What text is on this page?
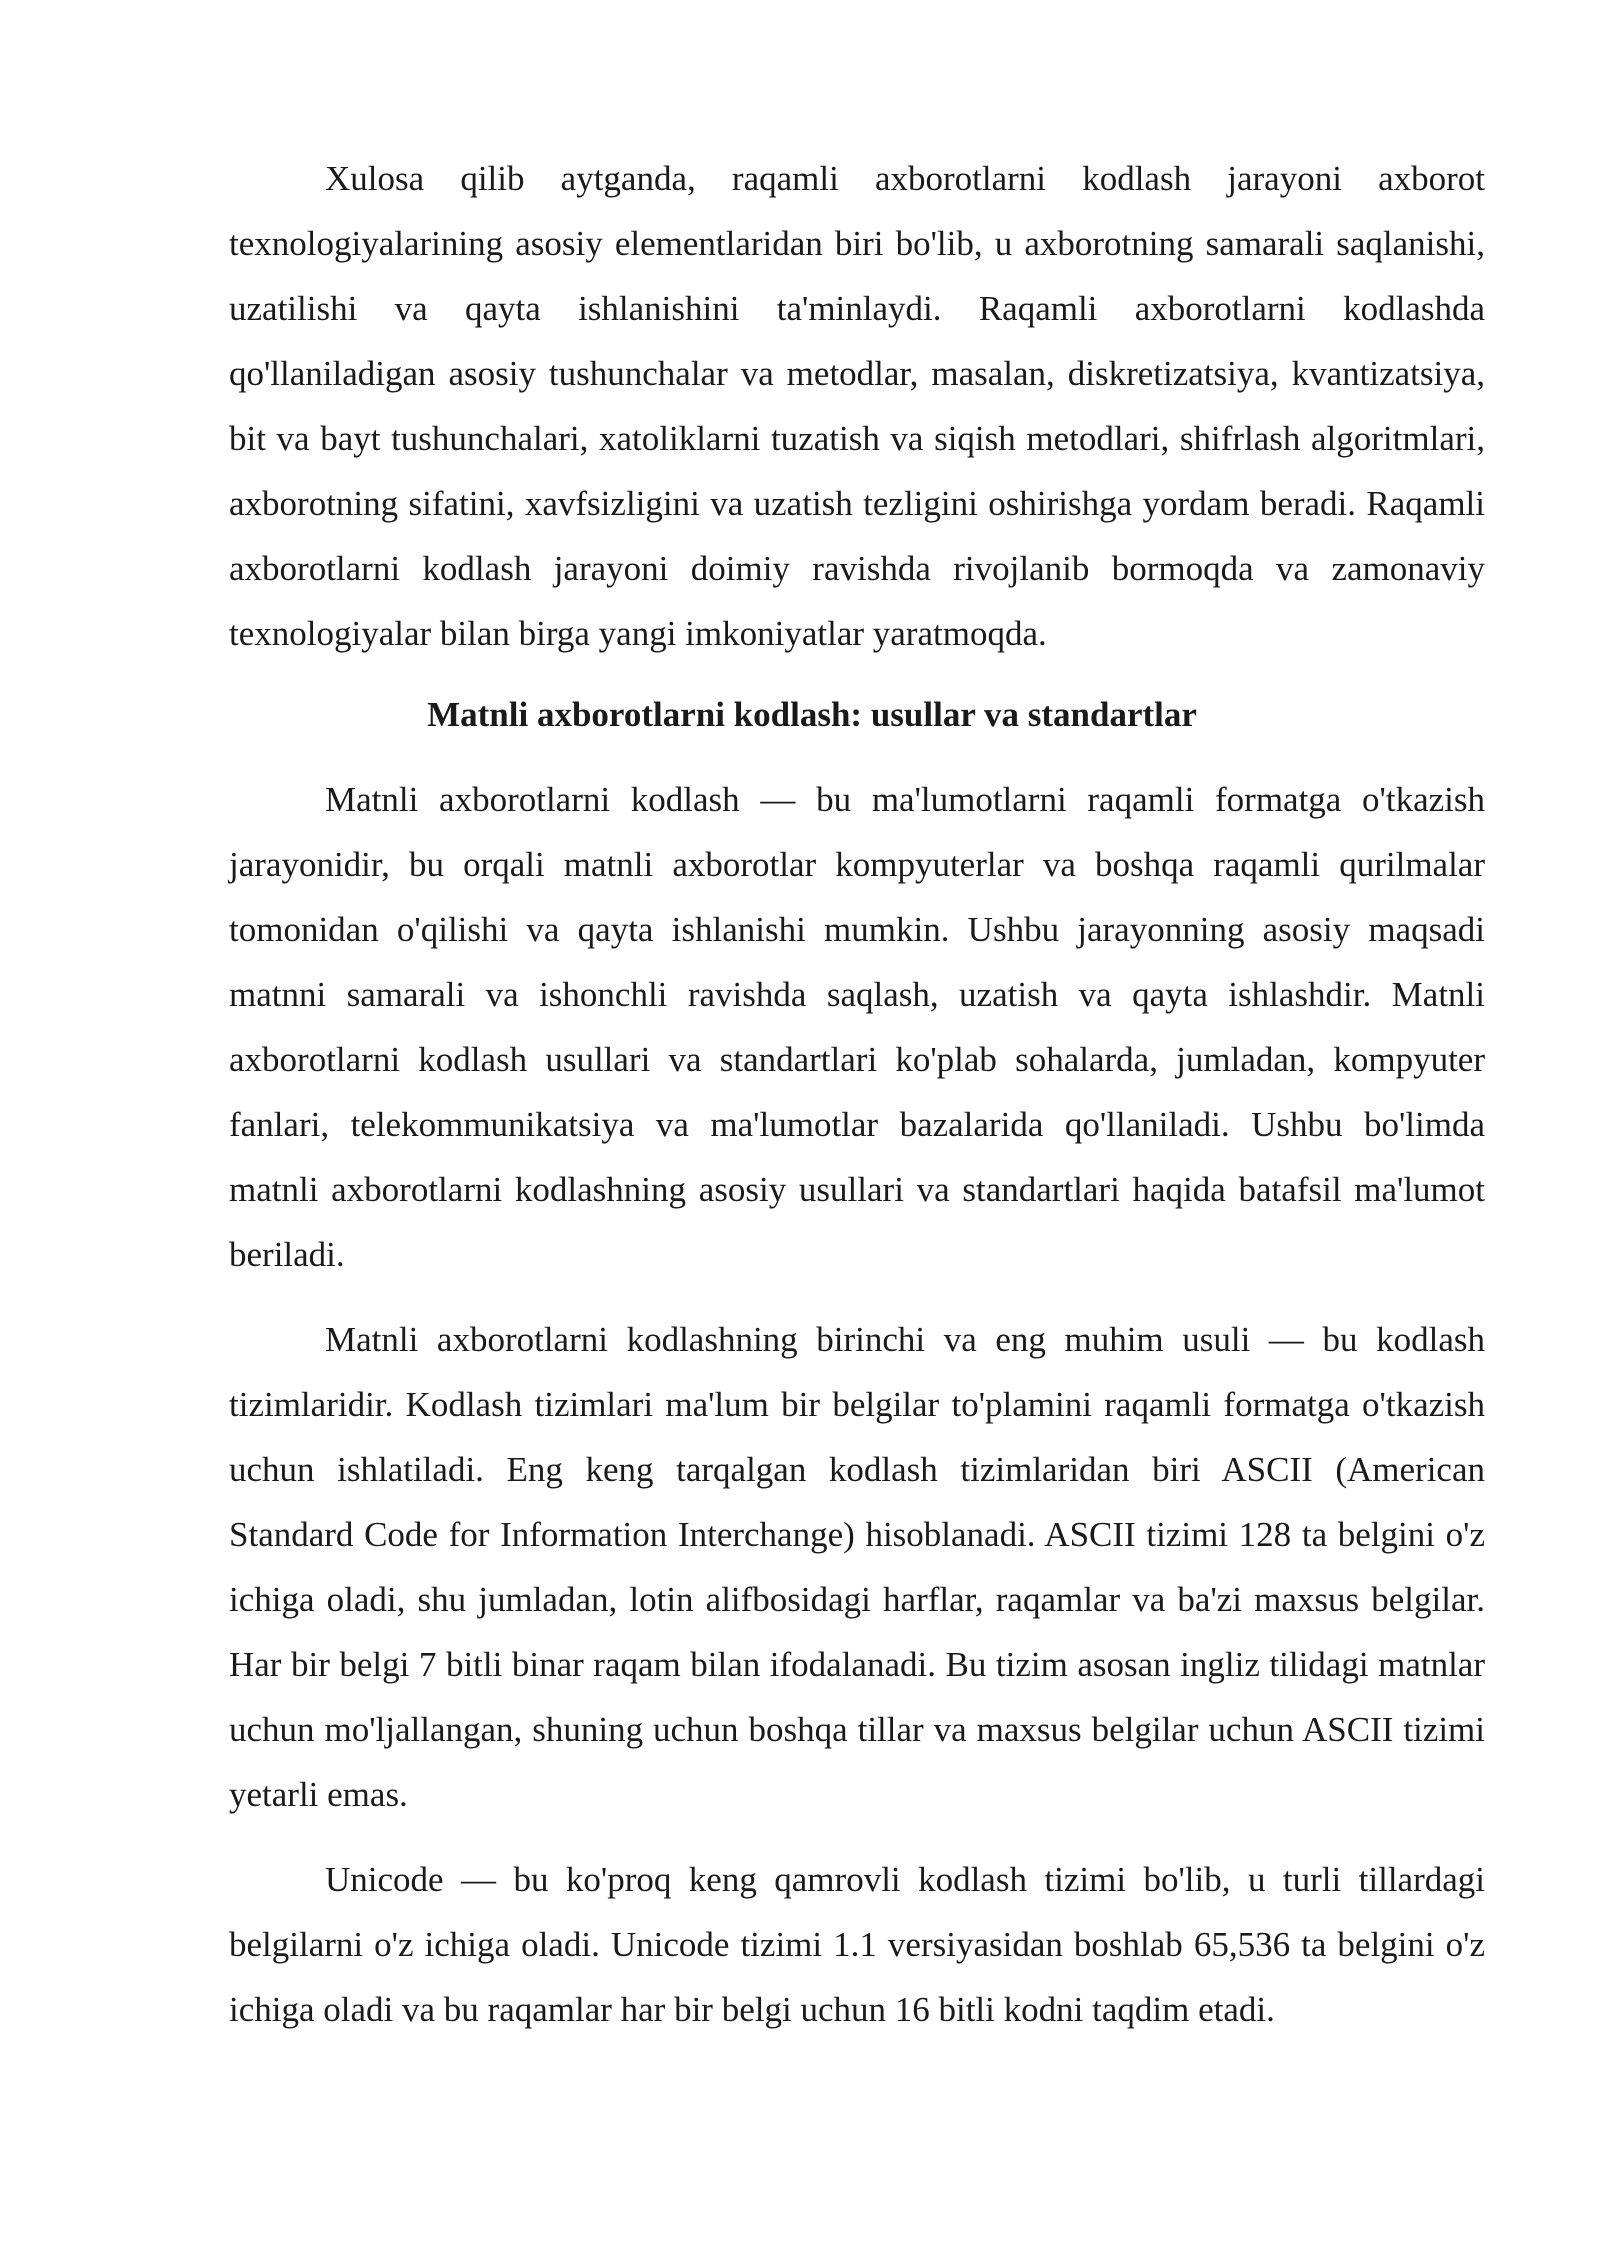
Xulosa qilib aytganda, raqamli axborotlarni kodlash jarayoni axborot texnologiyalarining asosiy elementlaridan biri bo'lib, u axborotning samarali saqlanishi, uzatilishi va qayta ishlanishini ta'minlaydi. Raqamli axborotlarni kodlashda qo'llaniladigan asosiy tushunchalar va metodlar, masalan, diskretizatsiya, kvantizatsiya, bit va bayt tushunchalari, xatoliklarni tuzatish va siqish metodlari, shifrlash algoritmlari, axborotning sifatini, xavfsizligini va uzatish tezligini oshirishga yordam beradi. Raqamli axborotlarni kodlash jarayoni doimiy ravishda rivojlanib bormoqda va zamonaviy texnologiyalar bilan birga yangi imkoniyatlar yaratmoqda.

Matnli axborotlarni kodlash: usullar va standartlar

Matnli axborotlarni kodlash — bu ma'lumotlarni raqamli formatga o'tkazish jarayonidir, bu orqali matnli axborotlar kompyuterlar va boshqa raqamli qurilmalar tomonidan o'qilishi va qayta ishlanishi mumkin. Ushbu jarayonning asosiy maqsadi matnni samarali va ishonchli ravishda saqlash, uzatish va qayta ishlashdir. Matnli axborotlarni kodlash usullari va standartlari ko'plab sohalarda, jumladan, kompyuter fanlari, telekommunikatsiya va ma'lumotlar bazalarida qo'llaniladi. Ushbu bo'limda matnli axborotlarni kodlashning asosiy usullari va standartlari haqida batafsil ma'lumot beriladi.

Matnli axborotlarni kodlashning birinchi va eng muhim usuli — bu kodlash tizimlaridir. Kodlash tizimlari ma'lum bir belgilar to'plamini raqamli formatga o'tkazish uchun ishlatiladi. Eng keng tarqalgan kodlash tizimlaridan biri ASCII (American Standard Code for Information Interchange) hisoblanadi. ASCII tizimi 128 ta belgini o'z ichiga oladi, shu jumladan, lotin alifbosidagi harflar, raqamlar va ba'zi maxsus belgilar. Har bir belgi 7 bitli binar raqam bilan ifodalanadi. Bu tizim asosan ingliz tilidagi matnlar uchun mo'ljallangan, shuning uchun boshqa tillar va maxsus belgilar uchun ASCII tizimi yetarli emas.

Unicode — bu ko'proq keng qamrovli kodlash tizimi bo'lib, u turli tillardagi belgilarni o'z ichiga oladi. Unicode tizimi 1.1 versiyasidan boshlab 65,536 ta belgini o'z ichiga oladi va bu raqamlar har bir belgi uchun 16 bitli kodni taqdim etadi.
